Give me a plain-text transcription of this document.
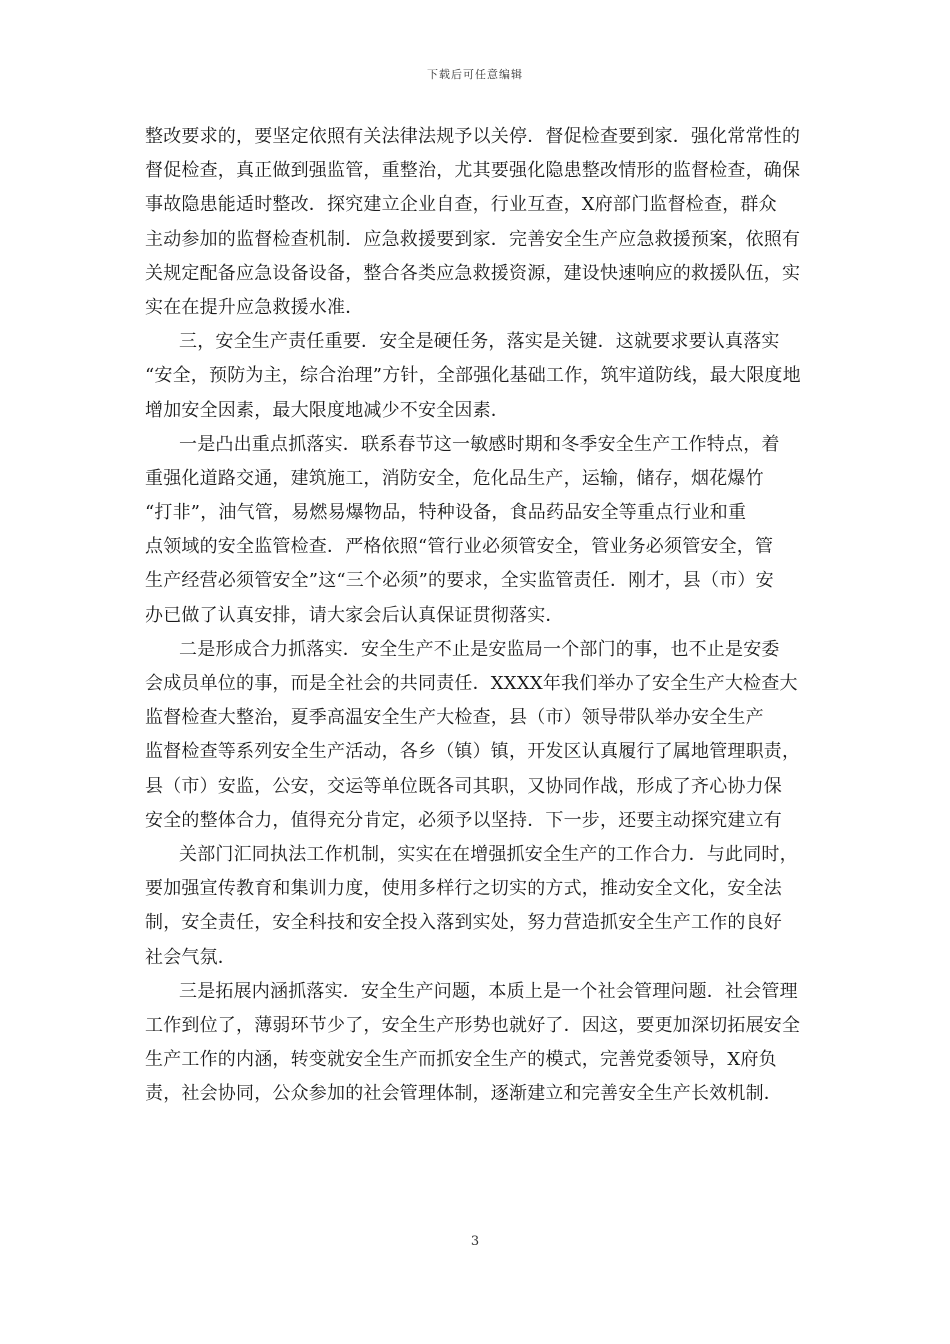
下载后可任意编辑
整改要求的，要坚定依照有关法律法规予以关停．督促检查要到家．强化常常性的
督促检查，真正做到强监管，重整治，尤其要强化隐患整改情形的监督检查，确保
事故隐患能适时整改．探究建立企业自查，行业互查，X府部门监督检查，群众
主动参加的监督检查机制．应急救援要到家．完善安全生产应急救援预案，依照有
关规定配备应急设备设备，整合各类应急救援资源，建设快速响应的救援队伍，实
实在在提升应急救援水准．
三，安全生产责任重要．安全是硬任务，落实是关键．这就要求要认真落实
“安全，预防为主，综合治理”方针，全部强化基础工作，筑牢道防线，最大限度地
增加安全因素，最大限度地减少不安全因素．
一是凸出重点抓落实．联系春节这一敏感时期和冬季安全生产工作特点，着
重强化道路交通，建筑施工，消防安全，危化品生产，运输，储存，烟花爆竹
“打非”，油气管，易燃易爆物品，特种设备，食品药品安全等重点行业和重
点领域的安全监管检查．严格依照“管行业必须管安全，管业务必须管安全，管
生产经营必须管安全”这“三个必须”的要求，全实监管责任．刚才，县（市）安
办已做了认真安排，请大家会后认真保证贯彻落实．
二是形成合力抓落实．安全生产不止是安监局一个部门的事，也不止是安委
会成员单位的事，而是全社会的共同责任．XXXX年我们举办了安全生产大检查大
监督检查大整治，夏季高温安全生产大检查，县（市）领导带队举办安全生产
监督检查等系列安全生产活动，各乡（镇）镇，开发区认真履行了属地管理职责，
县（市）安监，公安，交运等单位既各司其职，又协同作战，形成了齐心协力保
安全的整体合力，值得充分肯定，必须予以坚持．下一步，还要主动探究建立有
关部门汇同执法工作机制，实实在在增强抓安全生产的工作合力．与此同时，
要加强宣传教育和集训力度，使用多样行之切实的方式，推动安全文化，安全法
制，安全责任，安全科技和安全投入落到实处，努力营造抓安全生产工作的良好
社会气氛．
三是拓展内涵抓落实．安全生产问题，本质上是一个社会管理问题．社会管理
工作到位了，薄弱环节少了，安全生产形势也就好了．因这，要更加深切拓展安全
生产工作的内涵，转变就安全生产而抓安全生产的模式，完善党委领导，X府负
责，社会协同，公众参加的社会管理体制，逐渐建立和完善安全生产长效机制．
3
